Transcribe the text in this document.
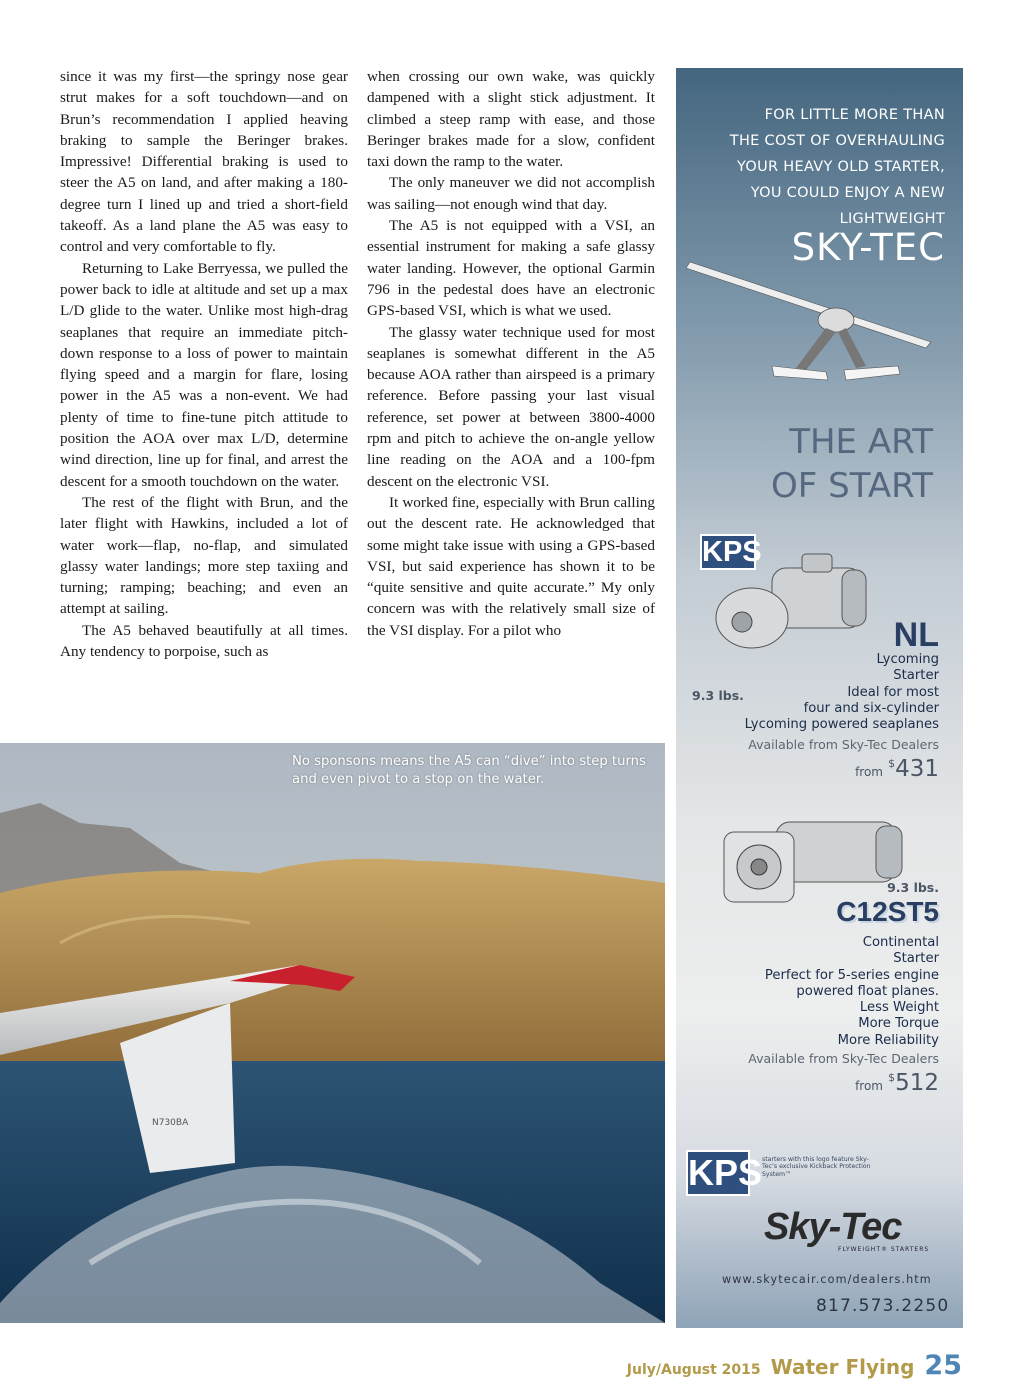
since it was my first—the springy nose gear strut makes for a soft touchdown—and on Brun’s recommendation I applied heaving braking to sample the Beringer brakes. Impressive! Differential braking is used to steer the A5 on land, and after making a 180-degree turn I lined up and tried a short-field takeoff. As a land plane the A5 was easy to control and very comfortable to fly.

Returning to Lake Berryessa, we pulled the power back to idle at altitude and set up a max L/D glide to the water. Unlike most high-drag seaplanes that require an immediate pitch-down response to a loss of power to maintain flying speed and a margin for flare, losing power in the A5 was a non-event. We had plenty of time to fine-tune pitch attitude to position the AOA over max L/D, determine wind direction, line up for final, and arrest the descent for a smooth touchdown on the water.

The rest of the flight with Brun, and the later flight with Hawkins, included a lot of water work—flap, no-flap, and simulated glassy water landings; more step taxiing and turning; ramping; beaching; and even an attempt at sailing.

The A5 behaved beautifully at all times. Any tendency to porpoise, such as

when crossing our own wake, was quickly dampened with a slight stick adjustment. It climbed a steep ramp with ease, and those Beringer brakes made for a slow, confident taxi down the ramp to the water.

The only maneuver we did not accomplish was sailing—not enough wind that day.

The A5 is not equipped with a VSI, an essential instrument for making a safe glassy water landing. However, the optional Garmin 796 in the pedestal does have an electronic GPS-based VSI, which is what we used.

The glassy water technique used for most seaplanes is somewhat different in the A5 because AOA rather than airspeed is a primary reference. Before passing your last visual reference, set power at between 3800-4000 rpm and pitch to achieve the on-angle yellow line reading on the AOA and a 100-fpm descent on the electronic VSI.

It worked fine, especially with Brun calling out the descent rate. He acknowledged that some might take issue with using a GPS-based VSI, but said experience has shown it to be “quite sensitive and quite accurate.” My only concern was with the relatively small size of the VSI display. For a pilot who

N730BA
No sponsons means the A5 can “dive” into step turns and even pivot to a stop on the water.
FOR LITTLE MORE THAN
THE COST OF OVERHAULING
YOUR HEAVY OLD STARTER,
YOU COULD ENJOY A NEW
LIGHTWEIGHT
SKY-TEC
THE ART
OF START
KPS
NL
Lycoming
Starter
Ideal for most
four and six-cylinder
Lycoming powered seaplanes
9.3 lbs.
Available from Sky-Tec Dealers
from $431
9.3 lbs.
C12ST5
Continental
Starter
Perfect for 5-series engine
powered float planes.
Less Weight
More Torque
More Reliability
Available from Sky-Tec Dealers
from $512
KPS starters with this logo feature Sky-Tec’s exclusive Kickback Protection System™
Sky-Tec
FLYWEIGHT® STARTERS
www.skytecair.com/dealers.htm
817.573.2250
July/August 2015 Water Flying 25
